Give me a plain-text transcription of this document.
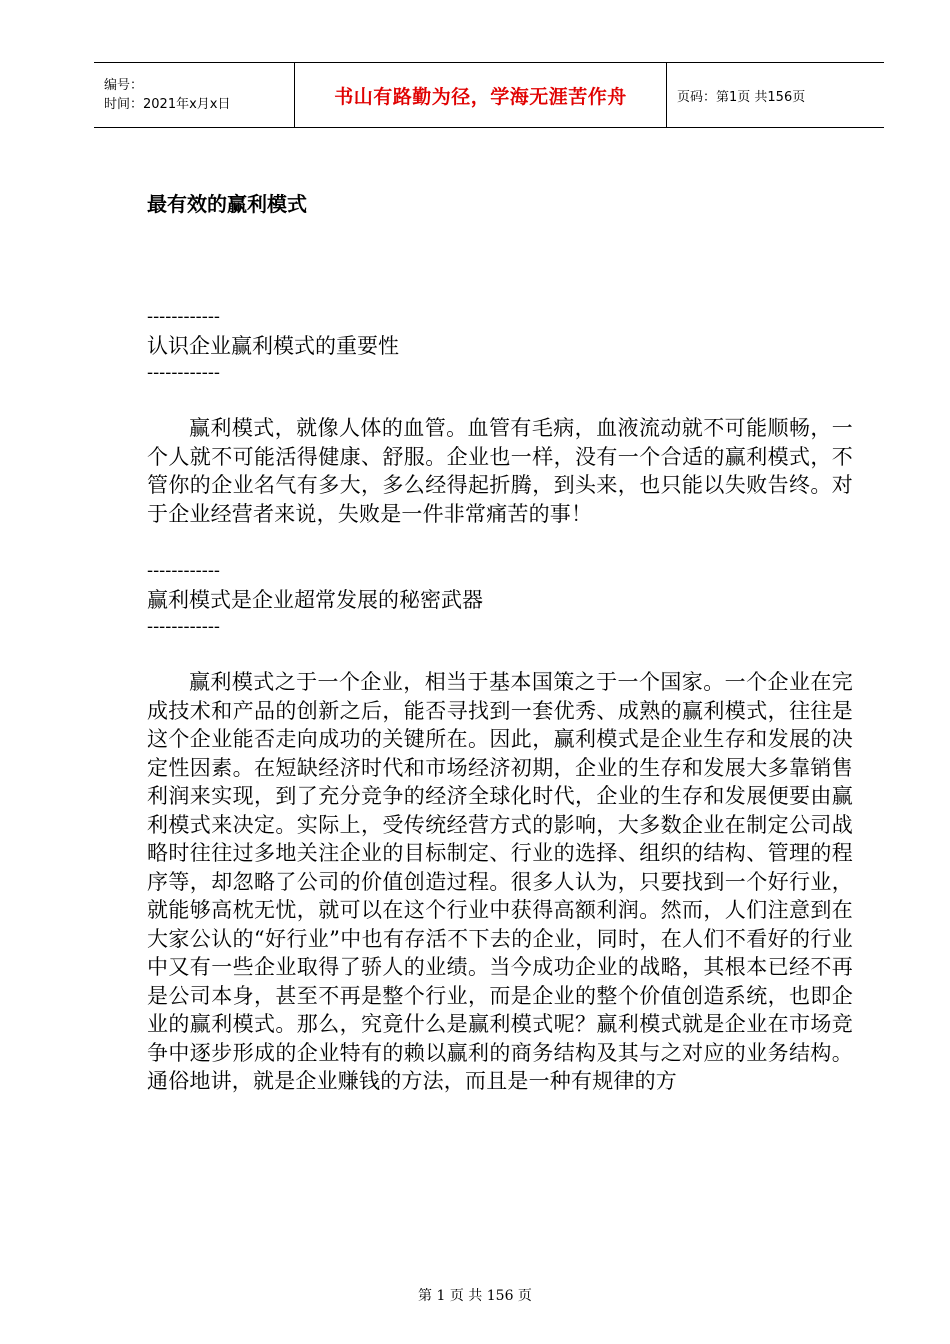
编号：
时间：2021年x月x日	书山有路勤为径，学海无涯苦作舟	页码：第1页 共156页
最有效的赢利模式
------------
认识企业赢利模式的重要性
------------

赢利模式，就像人体的血管。血管有毛病，血液流动就不可能顺畅，一个人就不可能活得健康、舒服。企业也一样，没有一个合适的赢利模式，不管你的企业名气有多大，多么经得起折腾，到头来，也只能以失败告终。对于企业经营者来说，失败是一件非常痛苦的事！

------------
赢利模式是企业超常发展的秘密武器
------------

赢利模式之于一个企业，相当于基本国策之于一个国家。一个企业在完成技术和产品的创新之后，能否寻找到一套优秀、成熟的赢利模式，往往是这个企业能否走向成功的关键所在。因此，赢利模式是企业生存和发展的决定性因素。在短缺经济时代和市场经济初期，企业的生存和发展大多靠销售利润来实现，到了充分竞争的经济全球化时代，企业的生存和发展便要由赢利模式来决定。实际上，受传统经营方式的影响，大多数企业在制定公司战略时往往过多地关注企业的目标制定、行业的选择、组织的结构、管理的程序等，却忽略了公司的价值创造过程。很多人认为，只要找到一个好行业，就能够高枕无忧，就可以在这个行业中获得高额利润。然而，人们注意到在大家公认的“好行业”中也有存活不下去的企业，同时，在人们不看好的行业中又有一些企业取得了骄人的业绩。当今成功企业的战略，其根本已经不再是公司本身，甚至不再是整个行业，而是企业的整个价值创造系统，也即企业的赢利模式。那么，究竟什么是赢利模式呢？赢利模式就是企业在市场竞争中逐步形成的企业特有的赖以赢利的商务结构及其与之对应的业务结构。通俗地讲，就是企业赚钱的方法，而且是一种有规律的方

第 1 页 共 156 页
